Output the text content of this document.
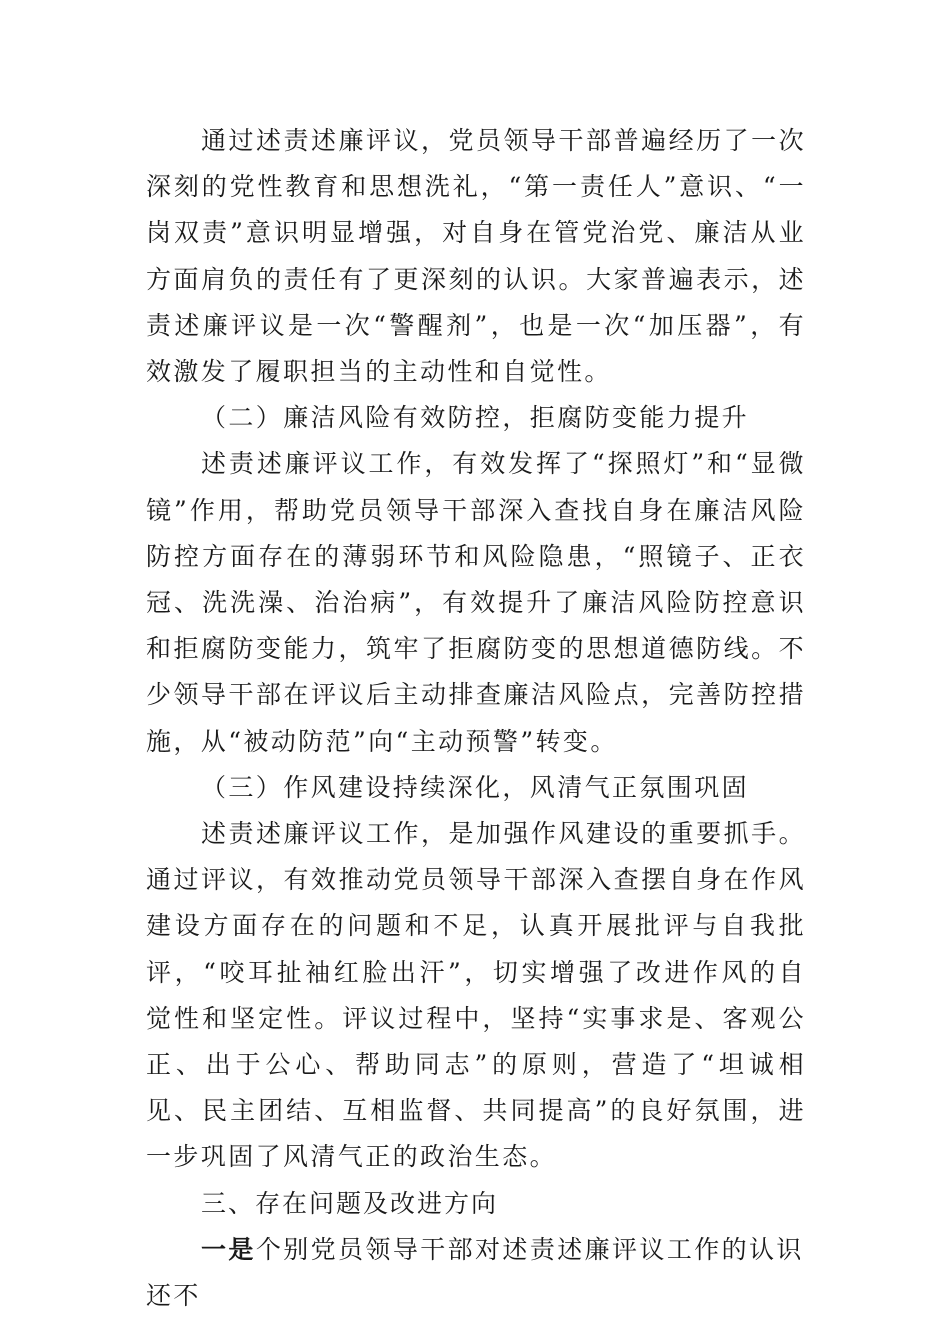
通过述责述廉评议，党员领导干部普遍经历了一次深刻的党性教育和思想洗礼，“第一责任人”意识、“一岗双责”意识明显增强，对自身在管党治党、廉洁从业方面肩负的责任有了更深刻的认识。大家普遍表示，述责述廉评议是一次“警醒剂”，也是一次“加压器”，有效激发了履职担当的主动性和自觉性。

（二）廉洁风险有效防控，拒腐防变能力提升

述责述廉评议工作，有效发挥了“探照灯”和“显微镜”作用，帮助党员领导干部深入查找自身在廉洁风险防控方面存在的薄弱环节和风险隐患，“照镜子、正衣冠、洗洗澡、治治病”，有效提升了廉洁风险防控意识和拒腐防变能力，筑牢了拒腐防变的思想道德防线。不少领导干部在评议后主动排查廉洁风险点，完善防控措施，从“被动防范”向“主动预警”转变。

（三）作风建设持续深化，风清气正氛围巩固

述责述廉评议工作，是加强作风建设的重要抓手。通过评议，有效推动党员领导干部深入查摆自身在作风建设方面存在的问题和不足，认真开展批评与自我批评，“咬耳扯袖红脸出汗”，切实增强了改进作风的自觉性和坚定性。评议过程中，坚持“实事求是、客观公正、出于公心、帮助同志”的原则，营造了“坦诚相见、民主团结、互相监督、共同提高”的良好氛围，进一步巩固了风清气正的政治生态。

三、存在问题及改进方向

一是个别党员领导干部对述责述廉评议工作的认识还不
